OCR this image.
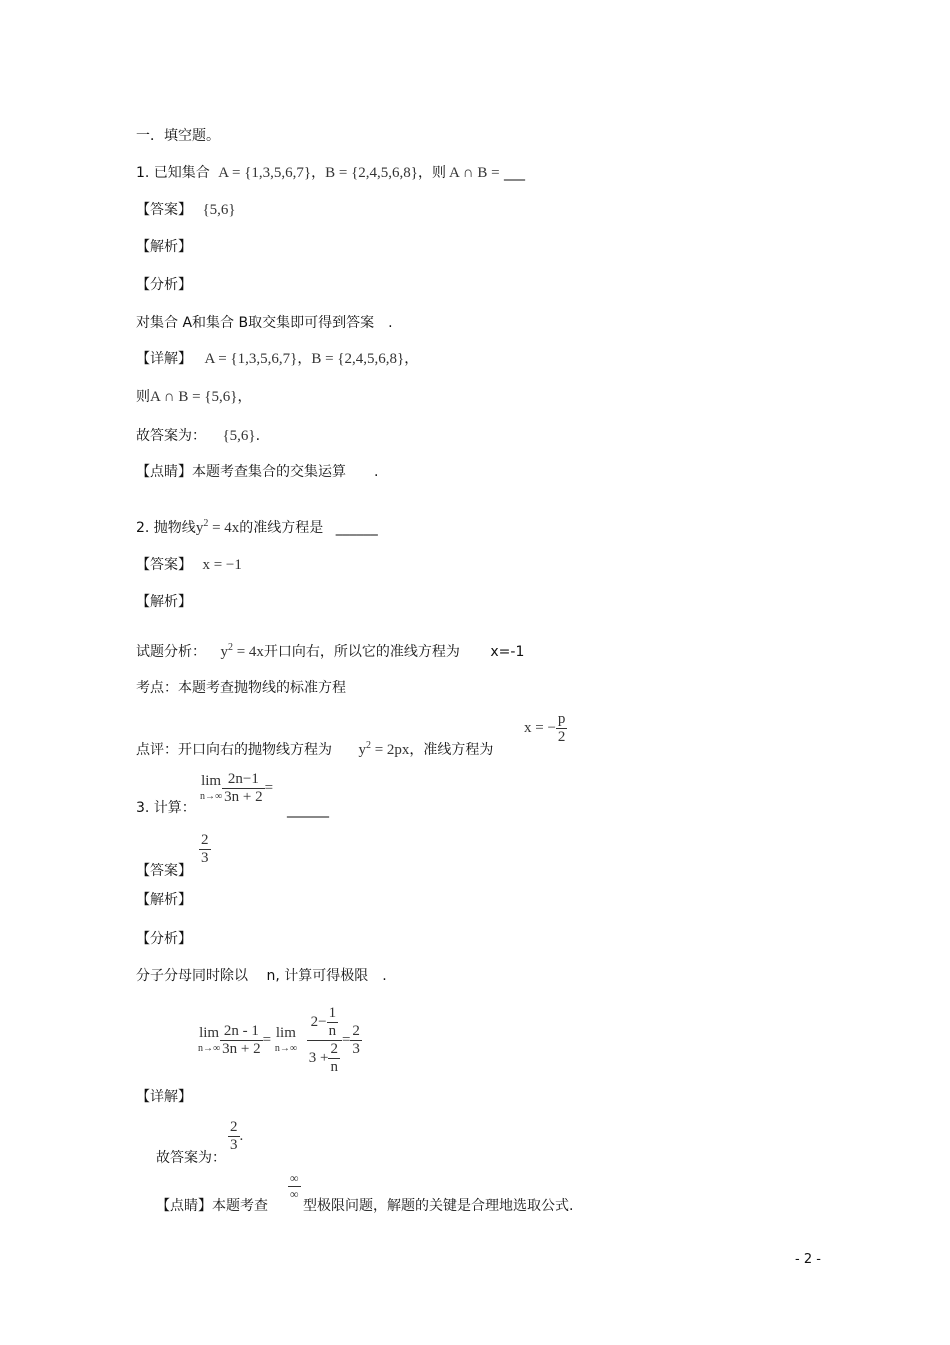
一．填空题。
1. 已知集合 A = {1,3,5,6,7}，B = {2,4,5,6,8}，则 A ∩ B = ___
【答案】 {5,6}
【解析】
【分析】
对集合 A和集合 B取交集即可得到答案　.
【详解】 A = {1,3,5,6,7}，B = {2,4,5,6,8}，
则A ∩ B = {5,6}，
故答案为： {5,6}.
【点睛】本题考查集合的交集运算　　.
2. 抛物线$y^2 = 4x$的准线方程是 ______
【答案】 x = −1
【解析】
试题分析： $y^2 = 4x$开口向右，所以它的准线方程为 x=-1
考点：本题考查抛物线的标准方程
点评：开口向右的抛物线方程为 $y^2 = 2px$，准线方程为
x = − $\frac{p}{2}$
3. 计算：
lim
$n\to\infty \frac{2n-1}{3n + 2}$ =
______
【答案】
$\frac{2}{3}$
【解析】
【分析】
分子分母同时除以　 n, 计算可得极限　.
【详解】
lim
$n\to\infty \frac{2n - 1}{3n + 2} = \lim$
n→∞
$\frac{2- \frac{1}{n}}{3 + \frac{2}{n}} = \frac{2}{3}$
故答案为：
$\frac{2}{3}$ .
【点睛】本题考查
$\frac{\infty}{\infty}$
型极限问题，解题的关键是合理地选取公式.
- 2 -
